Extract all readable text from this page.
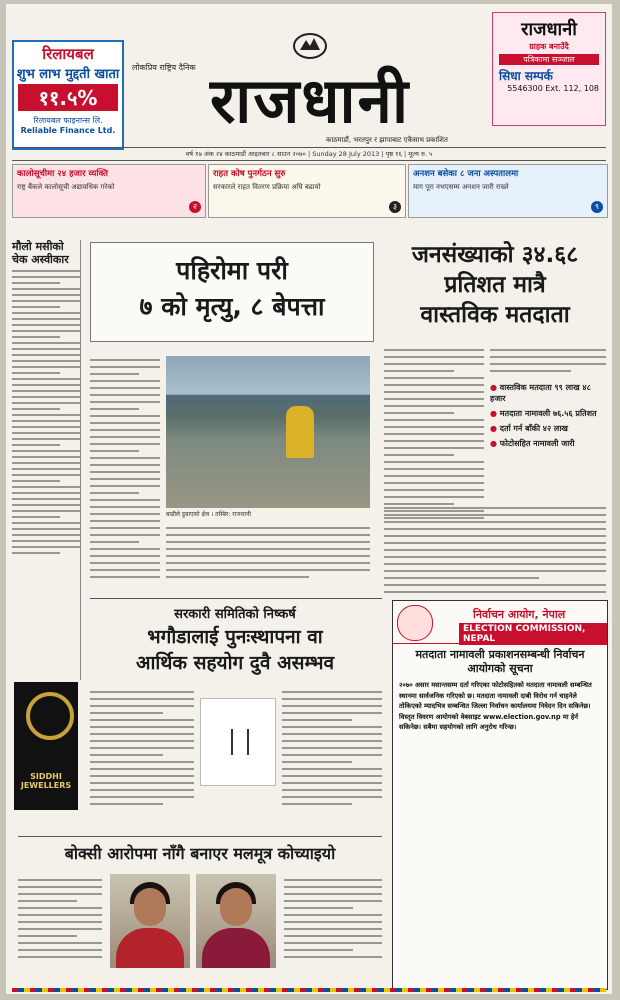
रिलायबल
शुभ लाभ मुद्दती खाता
११.५%
रिलायबल फाइनान्स लि.
Reliable Finance Ltd.
लोकप्रिय राष्ट्रिय दैनिक राजधानी
काठमाडौं, भरतपुर र झापाबाट एकैसाथ प्रकाशित
राजधानी
ग्राहक बनाउँदै
पत्रिकामा सञ्जाल
सिधा सम्पर्क
5546300 Ext. 112, 108
वर्ष १७ अंक २४ काठमाडौं आइतबार ८ साउन २०७० | Sunday 28 July 2013 | पृष्ठ १६ | मूल्य रु. ५
कालोसूचीमा २४ हजार व्यक्ति
राष्ट्र बैंकले कालोसूची अद्यावधिक गरेको
२
राहत कोष पुनर्गठन सुरु
सरकारले राहत वितरण प्रक्रिया अघि बढायो
३
अनशन बसेका ८ जना अस्पतालमा
माग पूरा नभएसम्म अनशन जारी राख्ने
९
मौलो मसीको चेक अस्वीकार	पहिरोमा परी
७ को मृत्यु, ८ बेपत्ता
बाढीले डुबाएको क्षेत्र । तस्बिर: राजधानी
जनसंख्याको ३४.६८
प्रतिशत मात्रै
वास्तविक मतदाता
● वास्तविक मतदाता ९९ लाख ४८ हजार
● मतदाता नामावली ७६.५६ प्रतिशत
● दर्ता गर्न बाँकी ४२ लाख
● फोटोसहित नामावली जारी
सरकारी समितिको निष्कर्ष
भगौडालाई पुनःस्थापना वा
आर्थिक सहयोग दुवै असम्भव
SIDDHI JEWELLERS
निर्वाचन आयोग, नेपाल
ELECTION COMMISSION, NEPAL
मतदाता नामावली प्रकाशनसम्बन्धी निर्वाचन आयोगको सूचना
२०७० असार मसान्तसम्म दर्ता गरिएका फोटोसहितको मतदाता नामावली सम्बन्धित स्थानमा सार्वजनिक गरिएको छ। मतदाता नामावली दाबी विरोध गर्न चाहनेले तोकिएको म्यादभित्र सम्बन्धित जिल्ला निर्वाचन कार्यालयमा निवेदन दिन सकिनेछ। विस्तृत विवरण आयोगको वेबसाइट www.election.gov.np मा हेर्न सकिनेछ। सबैमा सहयोगको लागि अनुरोध गरिन्छ।
बोक्सी आरोपमा नाँगै बनाएर मलमूत्र कोच्याइयो
